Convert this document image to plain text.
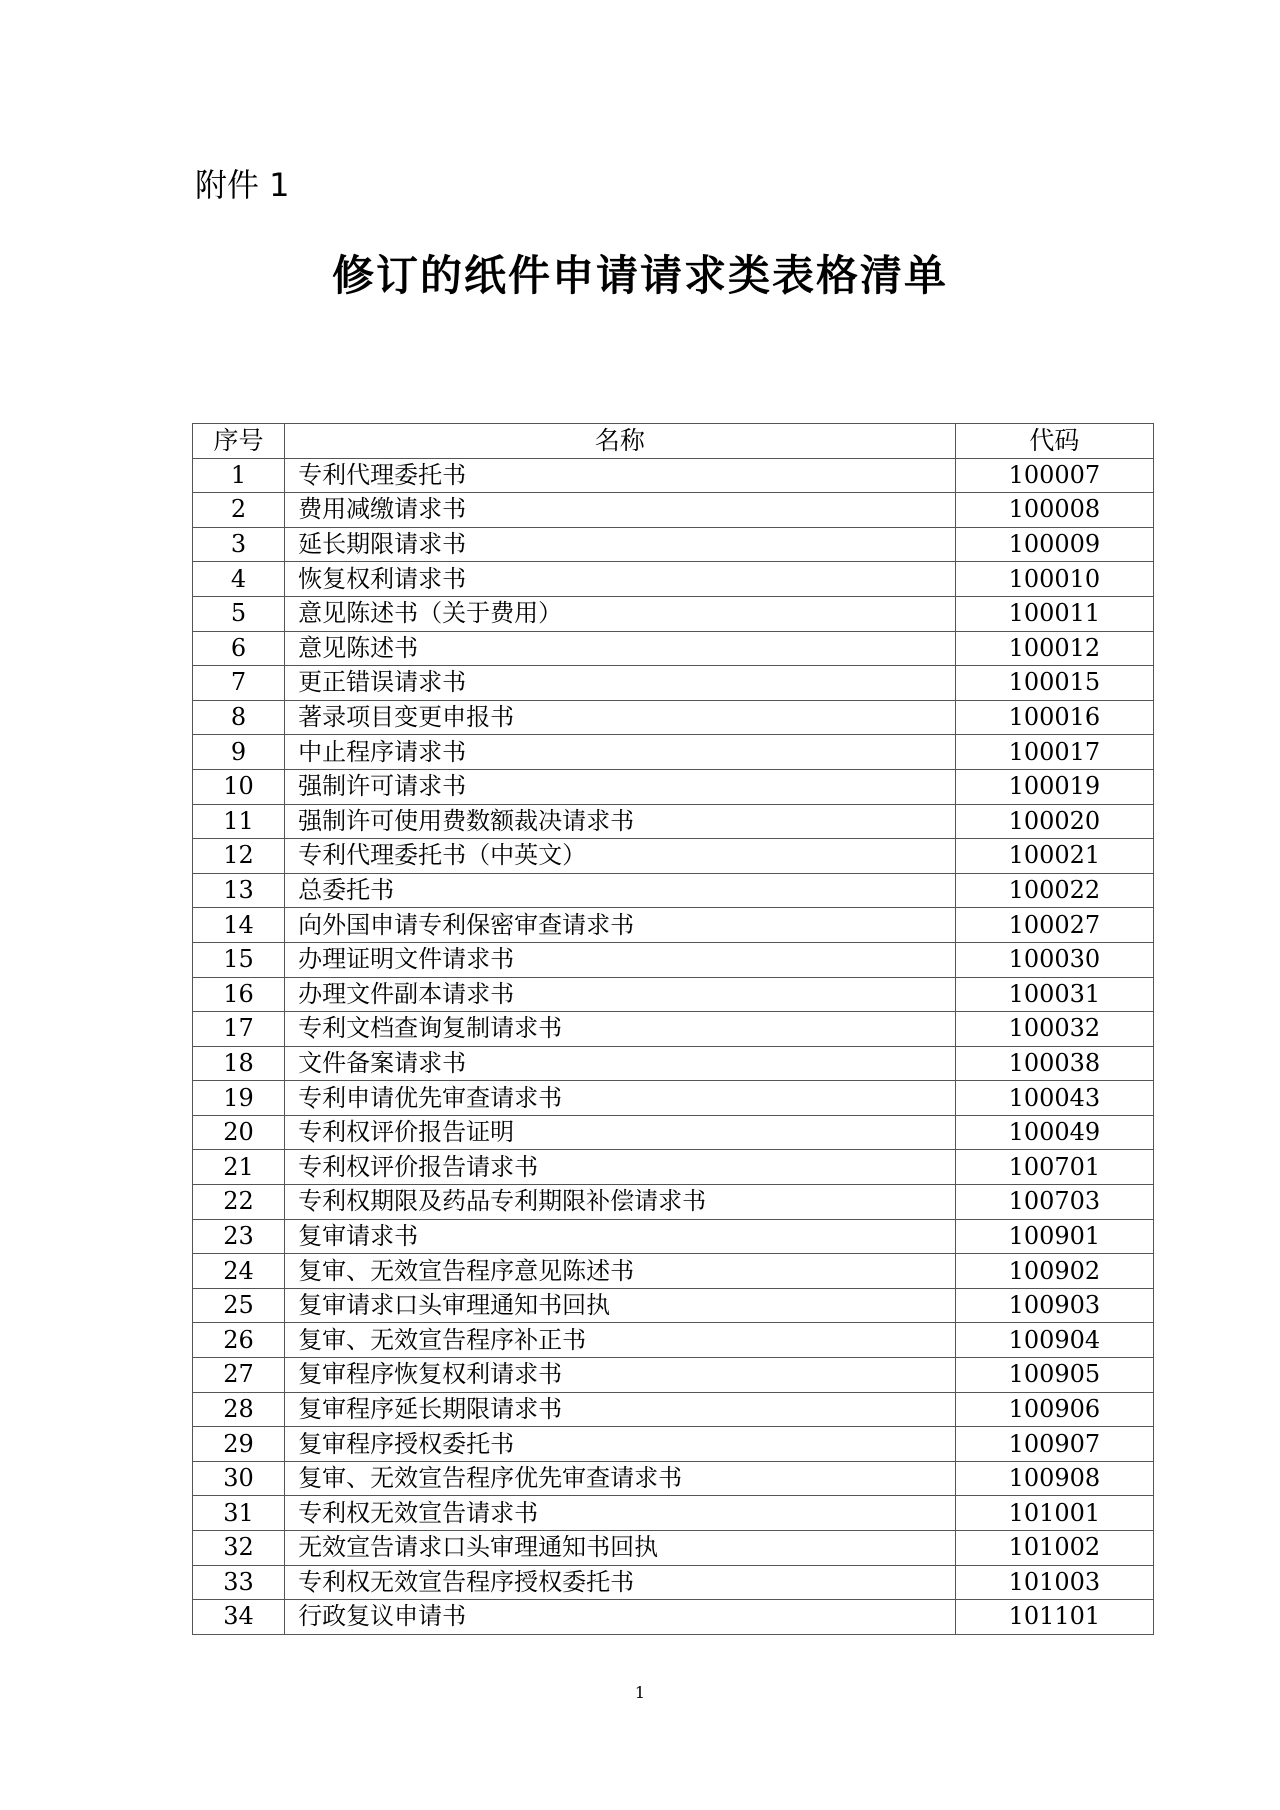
附件 1

修订的纸件申请请求类表格清单
序号	名称	代码
1	专利代理委托书	100007
2	费用减缴请求书	100008
3	延长期限请求书	100009
4	恢复权利请求书	100010
5	意见陈述书（关于费用）	100011
6	意见陈述书	100012
7	更正错误请求书	100015
8	著录项目变更申报书	100016
9	中止程序请求书	100017
10	强制许可请求书	100019
11	强制许可使用费数额裁决请求书	100020
12	专利代理委托书（中英文）	100021
13	总委托书	100022
14	向外国申请专利保密审查请求书	100027
15	办理证明文件请求书	100030
16	办理文件副本请求书	100031
17	专利文档查询复制请求书	100032
18	文件备案请求书	100038
19	专利申请优先审查请求书	100043
20	专利权评价报告证明	100049
21	专利权评价报告请求书	100701
22	专利权期限及药品专利期限补偿请求书	100703
23	复审请求书	100901
24	复审、无效宣告程序意见陈述书	100902
25	复审请求口头审理通知书回执	100903
26	复审、无效宣告程序补正书	100904
27	复审程序恢复权利请求书	100905
28	复审程序延长期限请求书	100906
29	复审程序授权委托书	100907
30	复审、无效宣告程序优先审查请求书	100908
31	专利权无效宣告请求书	101001
32	无效宣告请求口头审理通知书回执	101002
33	专利权无效宣告程序授权委托书	101003
34	行政复议申请书	101101

1
